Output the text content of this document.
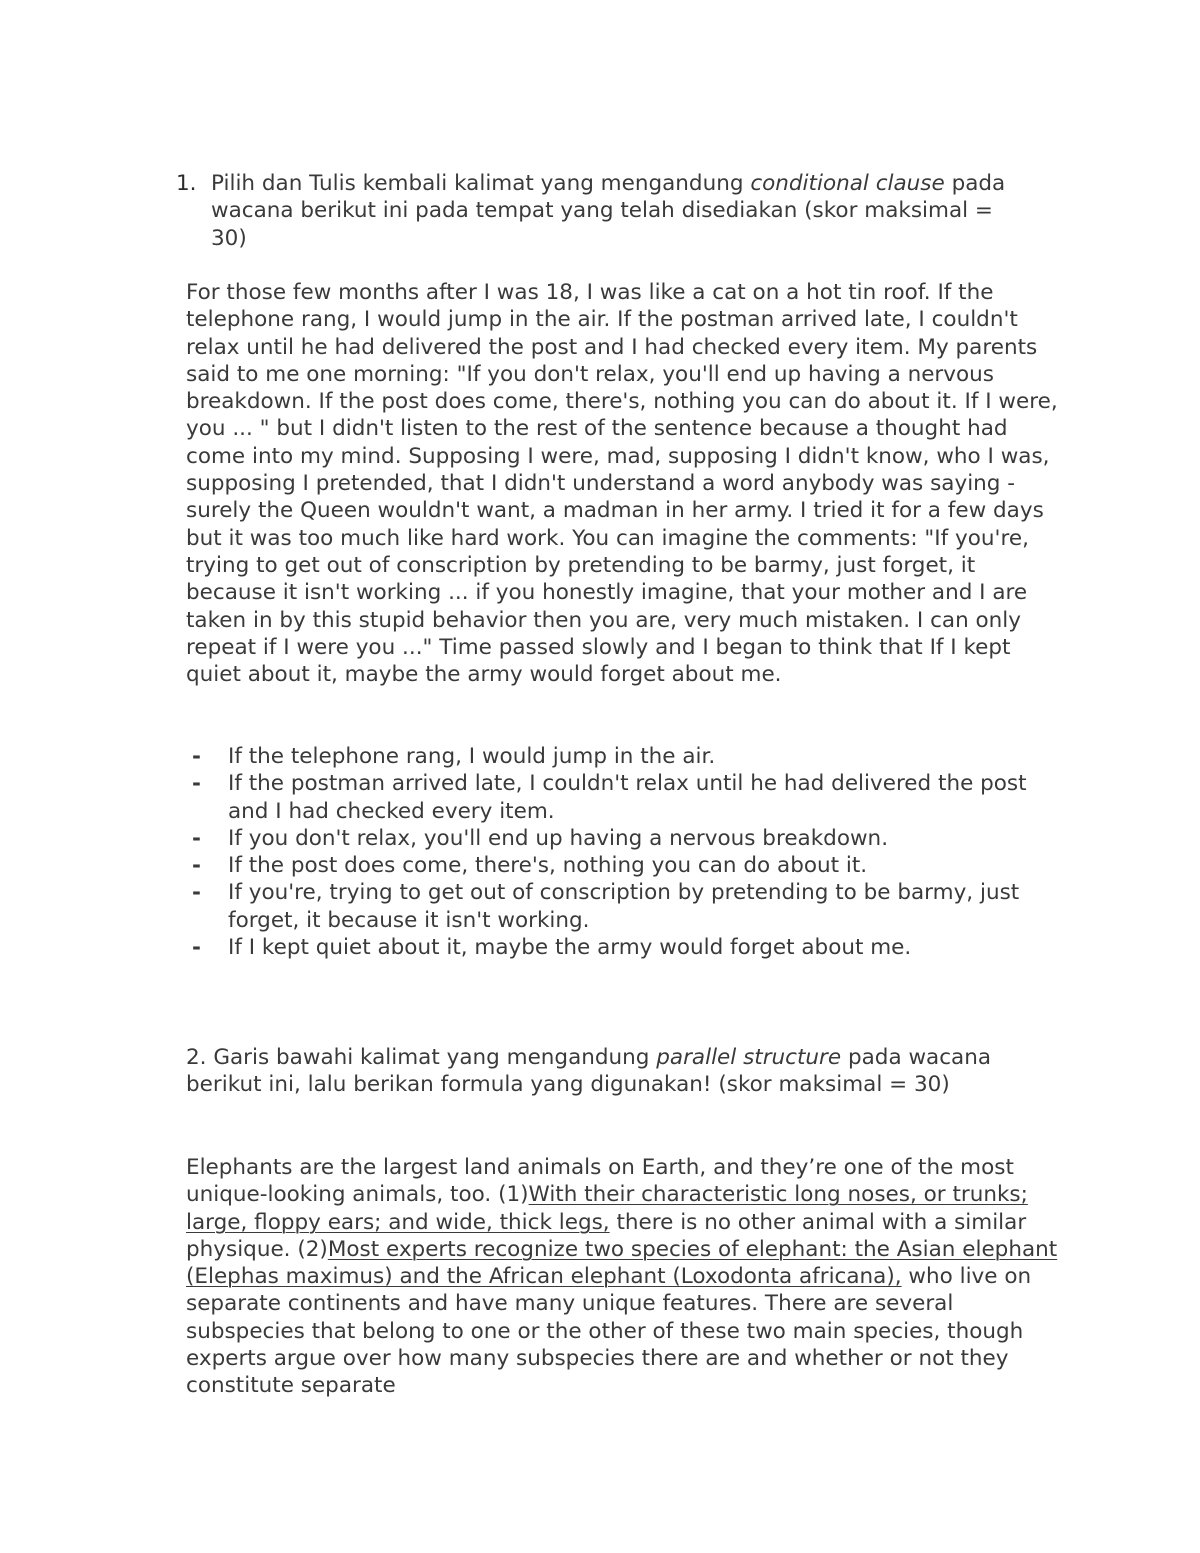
1. Pilih dan Tulis kembali kalimat yang mengandung conditional clause pada wacana berikut ini pada tempat yang telah disediakan (skor maksimal = 30)
For those few months after I was 18, I was like a cat on a hot tin roof. If the telephone rang, I would jump in the air. If the postman arrived late, I couldn't relax until he had delivered the post and I had checked every item. My parents said to me one morning: "If you don't relax, you'll end up having a nervous breakdown. If the post does come, there's, nothing you can do about it. If I were, you ... " but I didn't listen to the rest of the sentence because a thought had come into my mind. Supposing I were, mad, supposing I didn't know, who I was, supposing I pretended, that I didn't understand a word anybody was saying - surely the Queen wouldn't want, a madman in her army. I tried it for a few days but it was too much like hard work. You can imagine the comments: "If you're, trying to get out of conscription by pretending to be barmy, just forget, it because it isn't working ... if you honestly imagine, that your mother and I are taken in by this stupid behavior then you are, very much mistaken. I can only repeat if I were you ..." Time passed slowly and I began to think that If I kept quiet about it, maybe the army would forget about me.
- If the telephone rang, I would jump in the air.
- If the postman arrived late, I couldn't relax until he had delivered the post and I had checked every item.
- If you don't relax, you'll end up having a nervous breakdown.
- If the post does come, there's, nothing you can do about it.
- If you're, trying to get out of conscription by pretending to be barmy, just forget, it because it isn't working.
- If I kept quiet about it, maybe the army would forget about me.
2. Garis bawahi kalimat yang mengandung parallel structure pada wacana berikut ini, lalu berikan formula yang digunakan! (skor maksimal = 30)
Elephants are the largest land animals on Earth, and they’re one of the most unique-looking animals, too. (1)With their characteristic long noses, or trunks; large, floppy ears; and wide, thick legs, there is no other animal with a similar physique. (2)Most experts recognize two species of elephant: the Asian elephant (Elephas maximus) and the African elephant (Loxodonta africana), who live on separate continents and have many unique features. There are several subspecies that belong to one or the other of these two main species, though experts argue over how many subspecies there are and whether or not they constitute separate
